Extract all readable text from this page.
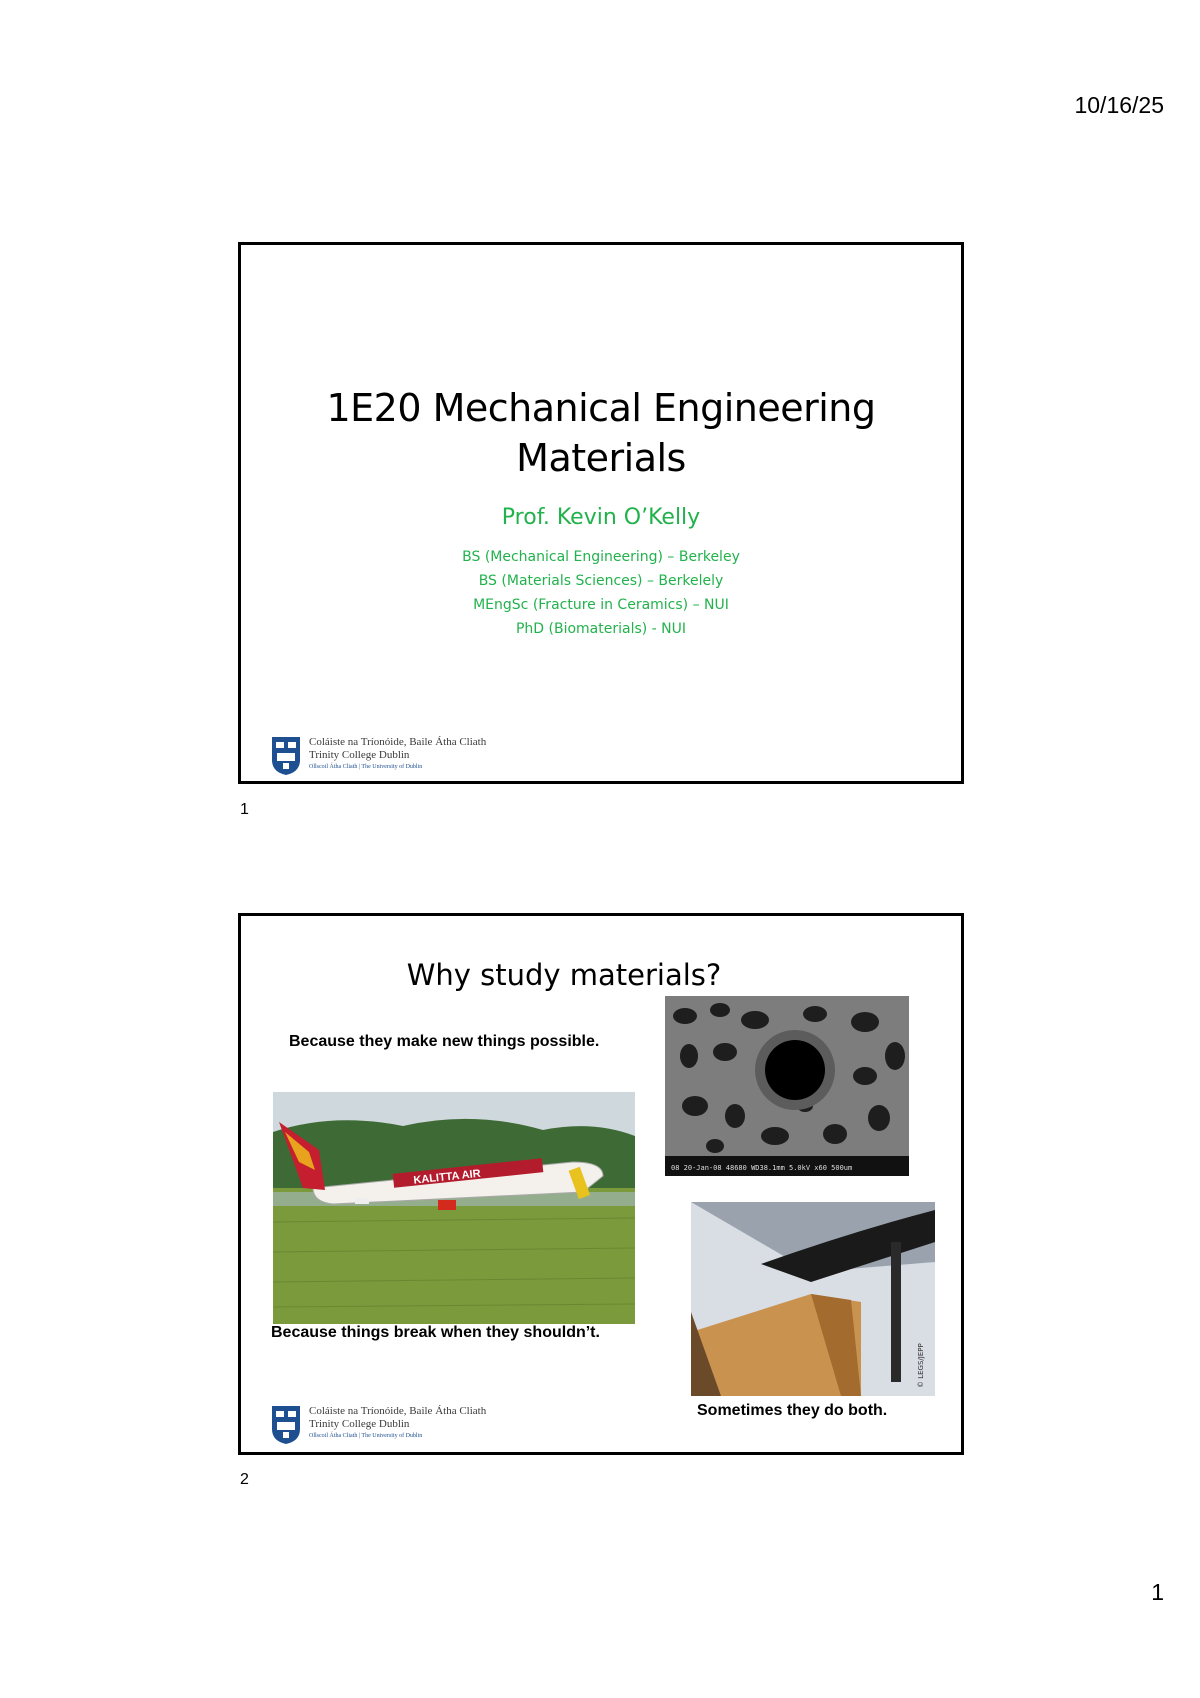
10/16/25
1E20 Mechanical Engineering
Materials
Prof. Kevin O’Kelly
BS (Mechanical Engineering) – Berkeley
BS (Materials Sciences) – Berkelely
MEngSc (Fracture in Ceramics) – NUI
PhD (Biomaterials) - NUI
Coláiste na Tríonóide, Baile Átha Cliath
Trinity College Dublin
Ollscoil Átha Cliath | The University of Dublin
1
Why study materials?
Because they make new things possible.
KALITTA AIR
Because things break when they shouldn’t.
08 20-Jan-08 48680 WD38.1mm 5.0kV x60 500um
© LEGS/JEPP
Sometimes they do both.
Coláiste na Tríonóide, Baile Átha Cliath
Trinity College Dublin
Ollscoil Átha Cliath | The University of Dublin
2
1
